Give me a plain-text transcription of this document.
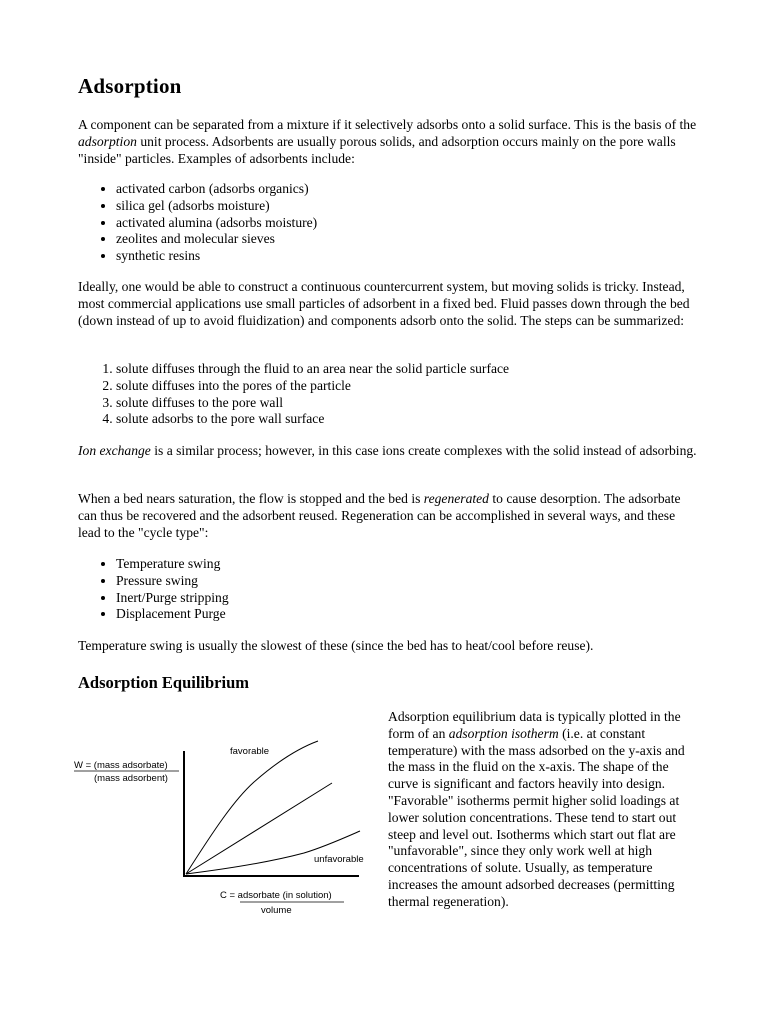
Adsorption

A component can be separated from a mixture if it selectively adsorbs onto a solid surface. This is the basis of the adsorption unit process. Adsorbents are usually porous solids, and adsorption occurs mainly on the pore walls "inside" particles. Examples of adsorbents include:

• activated carbon (adsorbs organics)
• silica gel (adsorbs moisture)
• activated alumina (adsorbs moisture)
• zeolites and molecular sieves
• synthetic resins

Ideally, one would be able to construct a continuous countercurrent system, but moving solids is tricky. Instead, most commercial applications use small particles of adsorbent in a fixed bed. Fluid passes down through the bed (down instead of up to avoid fluidization) and components adsorb onto the solid. The steps can be summarized:

1. solute diffuses through the fluid to an area near the solid particle surface
2. solute diffuses into the pores of the particle
3. solute diffuses to the pore wall
4. solute adsorbs to the pore wall surface

Ion exchange is a similar process; however, in this case ions create complexes with the solid instead of adsorbing.

When a bed nears saturation, the flow is stopped and the bed is regenerated to cause desorption. The adsorbate can thus be recovered and the adsorbent reused. Regeneration can be accomplished in several ways, and these lead to the "cycle type":

• Temperature swing
• Pressure swing
• Inert/Purge stripping
• Displacement Purge

Temperature swing is usually the slowest of these (since the bed has to heat/cool before reuse).

Adsorption Equilibrium
W = (mass adsorbate)
(mass adsorbent)
favorable
unfavorable
C = adsorbate (in solution)
volume

Adsorption equilibrium data is typically plotted in the form of an adsorption isotherm (i.e. at constant temperature) with the mass adsorbed on the y-axis and the mass in the fluid on the x-axis. The shape of the curve is significant and factors heavily into design. "Favorable" isotherms permit higher solid loadings at lower solution concentrations. These tend to start out steep and level out. Isotherms which start out flat are "unfavorable", since they only work well at high concentrations of solute. Usually, as temperature increases the amount adsorbed decreases (permitting thermal regeneration).
